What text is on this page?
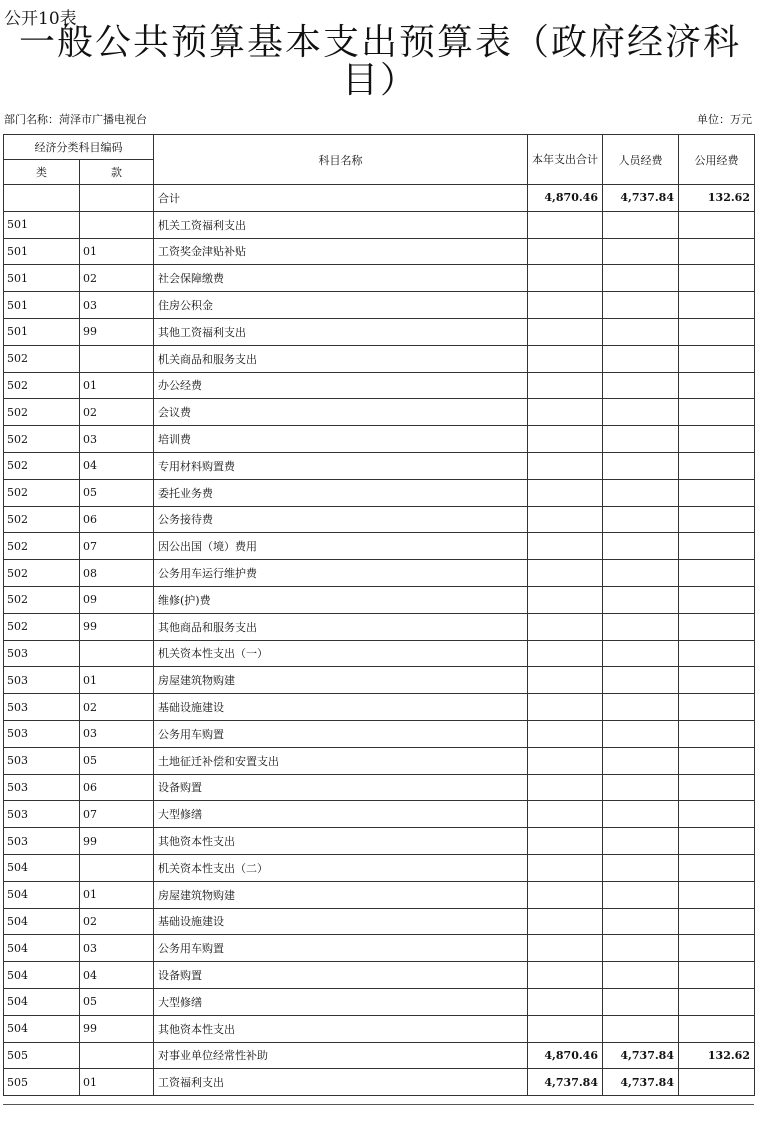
公开10表
一般公共预算基本支出预算表（政府经济科目）
部门名称：菏泽市广播电视台	单位：万元
经济分类科目编码		科目名称	本年支出合计	人员经费	公用经费
类	款				
		合计	4,870.46	4,737.84	132.62
501		机关工资福利支出			
501	01	工资奖金津贴补贴			
501	02	社会保障缴费			
501	03	住房公积金			
501	99	其他工资福利支出			
502		机关商品和服务支出			
502	01	办公经费			
502	02	会议费			
502	03	培训费			
502	04	专用材料购置费			
502	05	委托业务费			
502	06	公务接待费			
502	07	因公出国（境）费用			
502	08	公务用车运行维护费			
502	09	维修(护)费			
502	99	其他商品和服务支出			
503		机关资本性支出（一）			
503	01	房屋建筑物购建			
503	02	基础设施建设			
503	03	公务用车购置			
503	05	土地征迁补偿和安置支出			
503	06	设备购置			
503	07	大型修缮			
503	99	其他资本性支出			
504		机关资本性支出（二）			
504	01	房屋建筑物购建			
504	02	基础设施建设			
504	03	公务用车购置			
504	04	设备购置			
504	05	大型修缮			
504	99	其他资本性支出			
505		对事业单位经常性补助	4,870.46	4,737.84	132.62
505	01	工资福利支出	4,737.84	4,737.84	
